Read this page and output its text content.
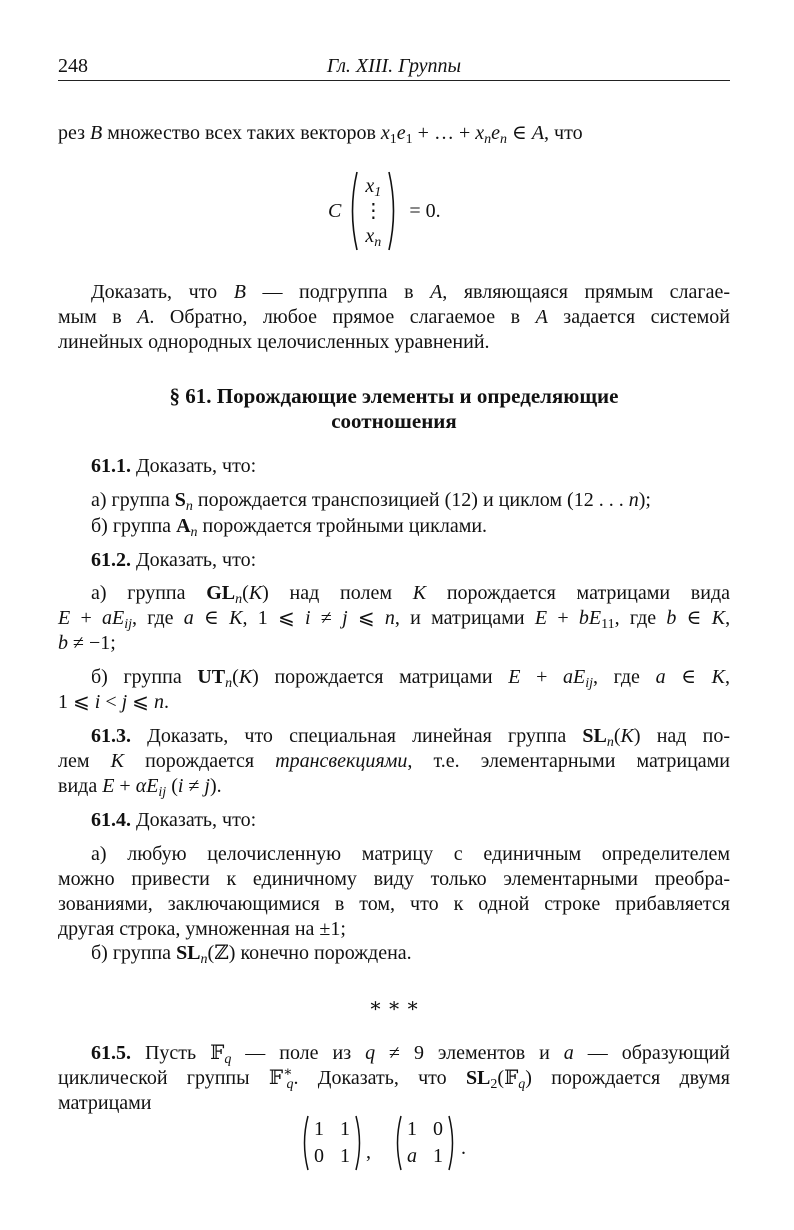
248	Гл. XIII. Группы
рез B множество всех таких векторов $x_1e_1$ + … + $x_ne_n$ ∈ A, что
Доказать, что B — подгруппа в A, являющаяся прямым слагае-
мым в A. Обратно, любое прямое слагаемое в A задается системой
линейных однородных целочисленных уравнений.
§ 61. Порождающие элементы и определяющие
соотношения
61.1. Доказать, что:
а) группа $S_n$ порождается транспозицией (12) и циклом (12 . . . n);
б) группа $A_n$ порождается тройными циклами.
61.2. Доказать, что:
а) группа $GL_n(K)$ над полем K порождается матрицами вида
$E + aE_{ij}$, где a ∈ K, 1 ⩽ i ≠ j ⩽ n, и матрицами $E + bE_{11}$, где b ∈ K,
b ≠ −1;
б) группа $UT_n(K)$ порождается матрицами $E + aE_{ij}$, где a ∈ K,
1 ⩽ i < j ⩽ n.
61.3. Доказать, что специальная линейная группа $SL_n(K)$ над по-
лем K порождается трансвекциями, т.е. элементарными матрицами
вида $E + \alpha E_{ij}$ (i ≠ j).
61.4. Доказать, что:
а) любую целочисленную матрицу с единичным определителем
можно привести к единичному виду только элементарными преобра-
зованиями, заключающимися в том, что к одной строке прибавляется
другая строка, умноженная на ±1;
б) группа $SL_n(ℤ)$ конечно порождена.
∗ ∗ ∗
61.5. Пусть 𝔽$_q$ — поле из q ≠ 9 элементов и a — образующий
циклической группы 𝔽∗$_q$. Доказать, что $SL_2(𝔽_q)$ порождается двумя
матрицами
C
$x_1$
⋮
$x_n$
= 0.
1 1
0 1 ,
1 0
a 1 .
